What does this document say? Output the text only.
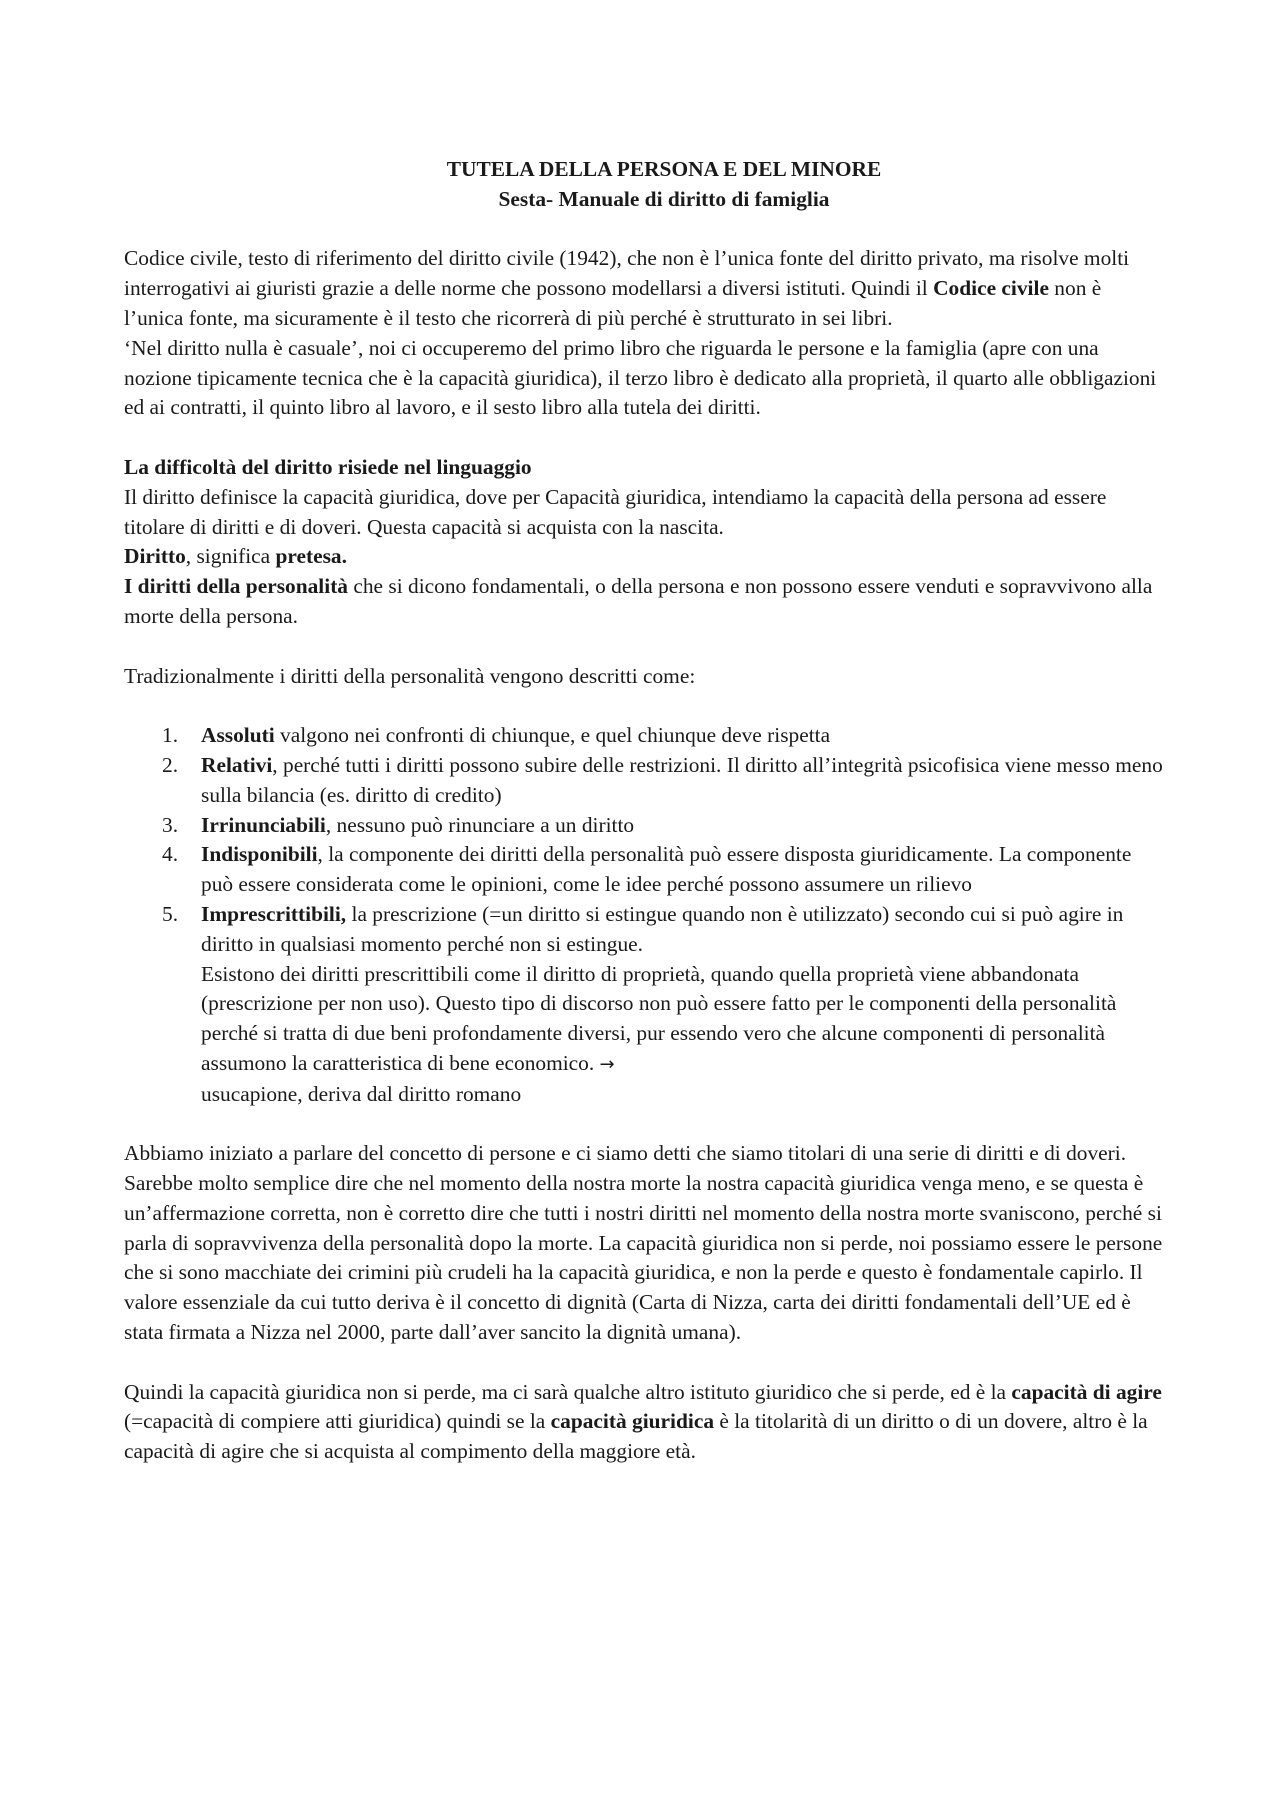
TUTELA DELLA PERSONA E DEL MINORE
Sesta- Manuale di diritto di famiglia

Codice civile, testo di riferimento del diritto civile (1942), che non è l’unica fonte del diritto privato, ma risolve molti interrogativi ai giuristi grazie a delle norme che possono modellarsi a diversi istituti. Quindi il Codice civile non è l’unica fonte, ma sicuramente è il testo che ricorrerà di più perché è strutturato in sei libri.

‘Nel diritto nulla è casuale’, noi ci occuperemo del primo libro che riguarda le persone e la famiglia (apre con una nozione tipicamente tecnica che è la capacità giuridica), il terzo libro è dedicato alla proprietà, il quarto alle obbligazioni ed ai contratti, il quinto libro al lavoro, e il sesto libro alla tutela dei diritti.

La difficoltà del diritto risiede nel linguaggio

Il diritto definisce la capacità giuridica, dove per Capacità giuridica, intendiamo la capacità della persona ad essere titolare di diritti e di doveri. Questa capacità si acquista con la nascita.

Diritto, significa pretesa.

I diritti della personalità che si dicono fondamentali, o della persona e non possono essere venduti e sopravvivono alla morte della persona.

Tradizionalmente i diritti della personalità vengono descritti come:

1. Assoluti valgono nei confronti di chiunque, e quel chiunque deve rispetta
2. Relativi, perché tutti i diritti possono subire delle restrizioni. Il diritto all’integrità psicofisica viene messo meno sulla bilancia (es. diritto di credito)
3. Irrinunciabili, nessuno può rinunciare a un diritto
4. Indisponibili, la componente dei diritti della personalità può essere disposta giuridicamente. La componente può essere considerata come le opinioni, come le idee perché possono assumere un rilievo
5. Imprescrittibili, la prescrizione (=un diritto si estingue quando non è utilizzato) secondo cui si può agire in diritto in qualsiasi momento perché non si estingue.
Esistono dei diritti prescrittibili come il diritto di proprietà, quando quella proprietà viene abbandonata (prescrizione per non uso). Questo tipo di discorso non può essere fatto per le componenti della personalità perché si tratta di due beni profondamente diversi, pur essendo vero che alcune componenti di personalità assumono la caratteristica di bene economico. →
usucapione, deriva dal diritto romano

Abbiamo iniziato a parlare del concetto di persone e ci siamo detti che siamo titolari di una serie di diritti e di doveri. Sarebbe molto semplice dire che nel momento della nostra morte la nostra capacità giuridica venga meno, e se questa è un’affermazione corretta, non è corretto dire che tutti i nostri diritti nel momento della nostra morte svaniscono, perché si parla di sopravvivenza della personalità dopo la morte. La capacità giuridica non si perde, noi possiamo essere le persone che si sono macchiate dei crimini più crudeli ha la capacità giuridica, e non la perde e questo è fondamentale capirlo. Il valore essenziale da cui tutto deriva è il concetto di dignità (Carta di Nizza, carta dei diritti fondamentali dell’UE ed è stata firmata a Nizza nel 2000, parte dall’aver sancito la dignità umana).

Quindi la capacità giuridica non si perde, ma ci sarà qualche altro istituto giuridico che si perde, ed è la capacità di agire (=capacità di compiere atti giuridica) quindi se la capacità giuridica è la titolarità di un diritto o di un dovere, altro è la capacità di agire che si acquista al compimento della maggiore età.
